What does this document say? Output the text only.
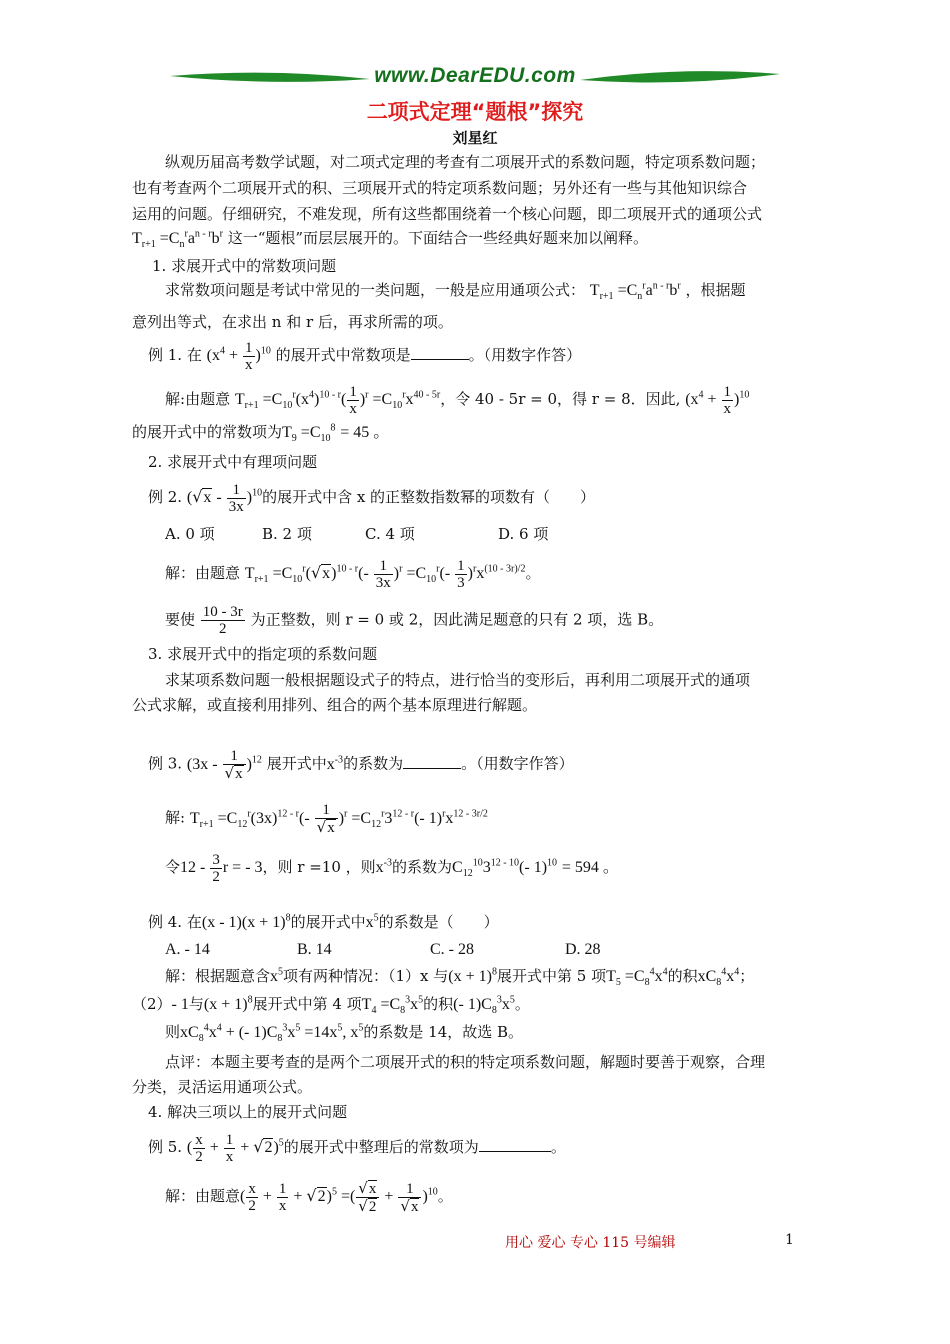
www.DearEDU.com
二项式定理“题根”探究
刘星红
纵观历届高考数学试题，对二项式定理的考查有二项展开式的系数问题，特定项系数问题；
也有考查两个二项展开式的积、三项展开式的特定项系数问题；另外还有一些与其他知识综合
运用的问题。仔细研究，不难发现，所有这些都围绕着一个核心问题，即二项展开式的通项公式
$T_{r+1} =C_n^ra^{n - r}b^r$ 这一“题根”而层层展开的。下面结合一些经典好题来加以阐释。
1. 求展开式中的常数项问题
求常数项问题是考试中常见的一类问题，一般是应用通项公式： $T_{r+1} =C_n^ra^{n - r}b^r$ ，根据题
意列出等式，在求出 n 和 r 后，再求所需的项。
例 1. 在 $(x^4 + \frac{1}{x} )^{10}$ 的展开式中常数项是	。（用数字作答）
解:由题意 $T_{r+1} =C_{10}^r(x^4)^{10 - r}( \frac{1}{x} )^r =C_{10}^rx^{40 - 5r}$，令 40 - 5r = 0，得 r = 8．因此, $(x^4 + \frac{1}{x} )^{10}$
的展开式中的常数项为$T_9 =C_{10}^8 = 45$ 。
2. 求展开式中有理项问题
例 2. (√ x - $\frac{1}{3x} )^{10}$的展开式中含 x 的正整数指数幂的项数有（　　）
A. 0 项	B. 2 项	C. 4 项	D. 6 项
解：由题意 $T_{r+1} =C_{10}^r(√$ $x)^{10 - r}(- \frac{1}{3x} )^r =C_{10}^r(- \frac{1}{3} )^rx^{(10 - 3r)/2}$。
要使 $\frac{10 - 3r}{2}$ 为正整数，则 r = 0 或 2，因此满足题意的只有 2 项，选 B。
3. 求展开式中的指定项的系数问题
求某项系数问题一般根据题设式子的特点，进行恰当的变形后，再利用二项展开式的通项
公式求解，或直接利用排列、组合的两个基本原理进行解题。
例 3. (3x - 1
√ x )$^{12}$ 展开式中$x^{-3}$的系数为	。（用数字作答）
解: $T_{r+1} =C_{12}^r(3x)^{12 - r}(-$ 1
√ x )$^r =C_{12}^r3^{12 - r}(-$ $1)^rx^{12 - 3r/2}$
令$12 - \frac{3}{2}$ r = - 3，则 r =10 ，则$x^{-3}$的系数为$C_{12}^{10}3^{12 - 10}(-$ 1)$^{10}$ = 594 。
例 4. 在$(x - 1)(x + 1)^8$的展开式中$x^5$的系数是（　　）
A. - 14	B. 14	C. - 28	D. 28
解：根据题意含$x^5$项有两种情况：（1）x 与$(x + 1)^8$展开式中第 5 项$T_5 =C_8^4x^4$的积$xC_8^4x^4$；
（2）- 1与$(x + 1)^8$展开式中第 4 项$T_4 =C_8^3x^5$的积(- $1)C_8^3x^5$。
则$xC_8^4x^4$ + (- $1)C_8^3x^5 =14x^5$, $x^5$的系数是 14，故选 B。
点评：本题主要考查的是两个二项展开式的积的特定项系数问题，解题时要善于观察，合理
分类，灵活运用通项公式。
4. 解决三项以上的展开式问题
例 5. ( $\frac{x}{2} + \frac{1}{x}$ + √ 2)$^5$的展开式中整理后的常数项为	。
解：由题意( $\frac{x}{2} + \frac{1}{x}$ + √ 2)$^5$ =(
√ x
√ 2 + 1
√ x )$^{10}$。
用心 爱心 专心 115 号编辑	1
